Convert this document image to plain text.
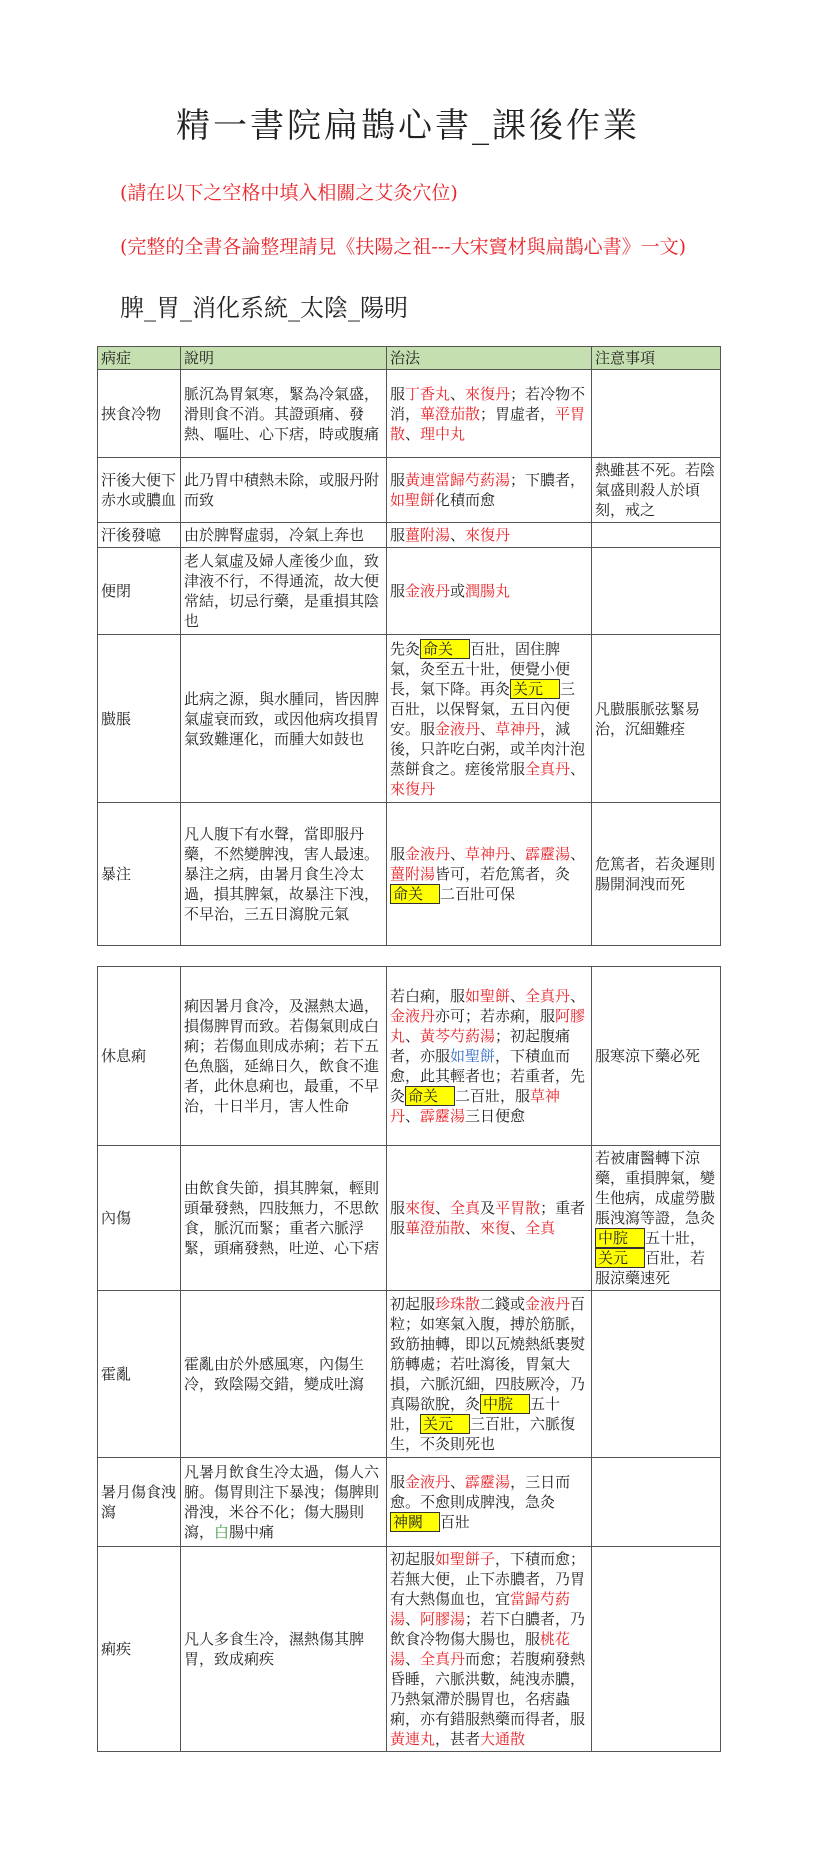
精一書院扁鵲心書_課後作業
(請在以下之空格中填入相關之艾灸穴位)
(完整的全書各論整理請見《扶陽之祖---大宋竇材與扁鵲心書》一文)
脾_胃_消化系統_太陰_陽明
病症	說明	治法	注意事項
挾食冷物	脈沉為胃氣寒，緊為冷氣盛，滑則食不消。其證頭痛、發熱、嘔吐、心下痞，時或腹痛	服丁香丸、來復丹；若冷物不消，蓽澄茄散；胃虛者，平胃散、理中丸	
汗後大便下赤水或膿血	此乃胃中積熱未除，或服丹附而致	服黃連當歸芍葯湯；下膿者，如聖餅化積而愈	熱雖甚不死。若陰氣盛則殺人於頃刻，戒之
汗後發噫	由於脾腎虛弱，冷氣上奔也	服薑附湯、來復丹	
便閉	老人氣虛及婦人產後少血，致津液不行，不得通流，故大便常結，切忌行藥，是重損其陰也	服金液丹或潤腸丸	
臌脹	此病之源，與水腫同，皆因脾氣虛衰而致，或因他病攻損胃氣致難運化，而腫大如鼓也	先灸 命关 百壯，固住脾氣，灸至五十壯，便覺小便長，氣下降。再灸 关元 三百壯，以保腎氣，五日內便安。服金液丹、草神丹，減後，只許吃白粥，或羊肉汁泡蒸餅食之。瘥後常服全真丹、來復丹	凡臌脹脈弦緊易治，沉細難痊
暴注	凡人腹下有水聲，當即服丹藥，不然變脾洩，害人最速。暴注之病，由暑月食生冷太過，損其脾氣，故暴注下洩，不早治，三五日瀉脫元氣	服金液丹、草神丹、霹靂湯、薑附湯皆可，若危篤者，灸命关 二百壯可保	危篤者，若灸遲則腸開洞洩而死
休息痢	痢因暑月食冷，及濕熱太過，損傷脾胃而致。若傷氣則成白痢；若傷血則成赤痢；若下五色魚腦，延綿日久，飲食不進者，此休息痢也，最重，不早治，十日半月，害人性命	若白痢，服如聖餅、全真丹、金液丹亦可；若赤痢，服阿膠丸、黃芩芍葯湯；初起腹痛者，亦服如聖餅，下積血而愈，此其輕者也；若重者，先灸 命关 二百壯，服草神丹、霹靂湯三日便愈	服寒涼下藥必死
內傷	由飲食失節，損其脾氣，輕則頭暈發熱，四肢無力，不思飲食，脈沉而緊；重者六脈浮緊，頭痛發熱，吐逆、心下痞	服來復、全真及平胃散；重者服蓽澄茄散、來復、全真	若被庸醫轉下涼藥，重損脾氣，變生他病，成虛勞臌脹洩瀉等證，急灸中脘 五十壯，关元 百壯，若服涼藥速死
霍亂	霍亂由於外感風寒，內傷生冷，致陰陽交錯，變成吐瀉	初起服珍珠散二錢或金液丹百粒；如寒氣入腹，搏於筋脈，致筋抽轉，即以瓦燒熱紙裹熨筋轉處；若吐瀉後，胃氣大損，六脈沉細，四肢厥冷，乃真陽欲脫，灸 中脘 五十壯， 关元 三百壯，六脈復生，不灸則死也	
暑月傷食洩瀉	凡暑月飲食生冷太過，傷人六腑。傷胃則注下暴洩；傷脾則滑洩，米谷不化；傷大腸則瀉，白腸中痛	服金液丹、霹靂湯，三日而愈。不愈則成脾洩，急灸神闕 百壯	
痢疾	凡人多食生冷，濕熱傷其脾胃，致成痢疾	初起服如聖餅子，下積而愈；若無大便，止下赤膿者，乃胃有大熱傷血也，宜當歸芍葯湯、阿膠湯；若下白膿者，乃飲食冷物傷大腸也，服桃花湯、全真丹而愈；若腹痢發熱昏睡，六脈洪數，純洩赤膿，乃熱氣滯於腸胃也，名痞蟲痢，亦有錯服熱藥而得者，服黃連丸，甚者大通散	
